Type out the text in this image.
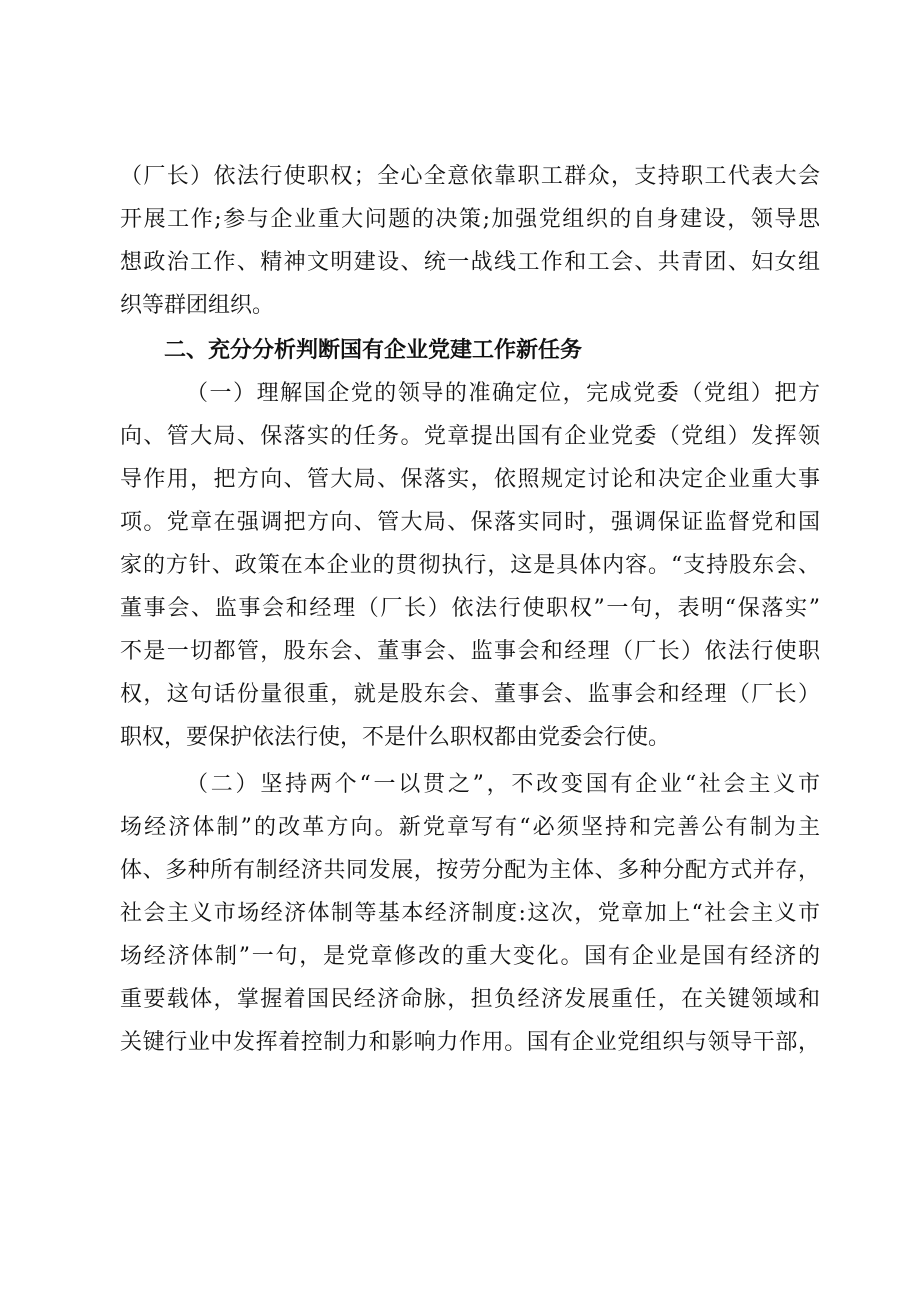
（厂长）依法行使职权；全心全意依靠职工群众，支持职工代表大会
开展工作;参与企业重大问题的决策;加强党组织的自身建设，领导思
想政治工作、精神文明建设、统一战线工作和工会、共青团、妇女组
织等群团组织。
二、充分分析判断国有企业党建工作新任务
（一）理解国企党的领导的准确定位，完成党委（党组）把方
向、管大局、保落实的任务。党章提出国有企业党委（党组）发挥领
导作用，把方向、管大局、保落实，依照规定讨论和决定企业重大事
项。党章在强调把方向、管大局、保落实同时，强调保证监督党和国
家的方针、政策在本企业的贯彻执行，这是具体内容。“支持股东会、
董事会、监事会和经理（厂长）依法行使职权”一句，表明“保落实”
不是一切都管，股东会、董事会、监事会和经理（厂长）依法行使职
权，这句话份量很重，就是股东会、董事会、监事会和经理（厂长）
职权，要保护依法行使，不是什么职权都由党委会行使。
（二）坚持两个“一以贯之”，不改变国有企业“社会主义市
场经济体制”的改革方向。新党章写有“必须坚持和完善公有制为主
体、多种所有制经济共同发展，按劳分配为主体、多种分配方式并存，
社会主义市场经济体制等基本经济制度:这次，党章加上“社会主义市
场经济体制”一句，是党章修改的重大变化。国有企业是国有经济的
重要载体，掌握着国民经济命脉，担负经济发展重任，在关键领域和
关键行业中发挥着控制力和影响力作用。国有企业党组织与领导干部，
